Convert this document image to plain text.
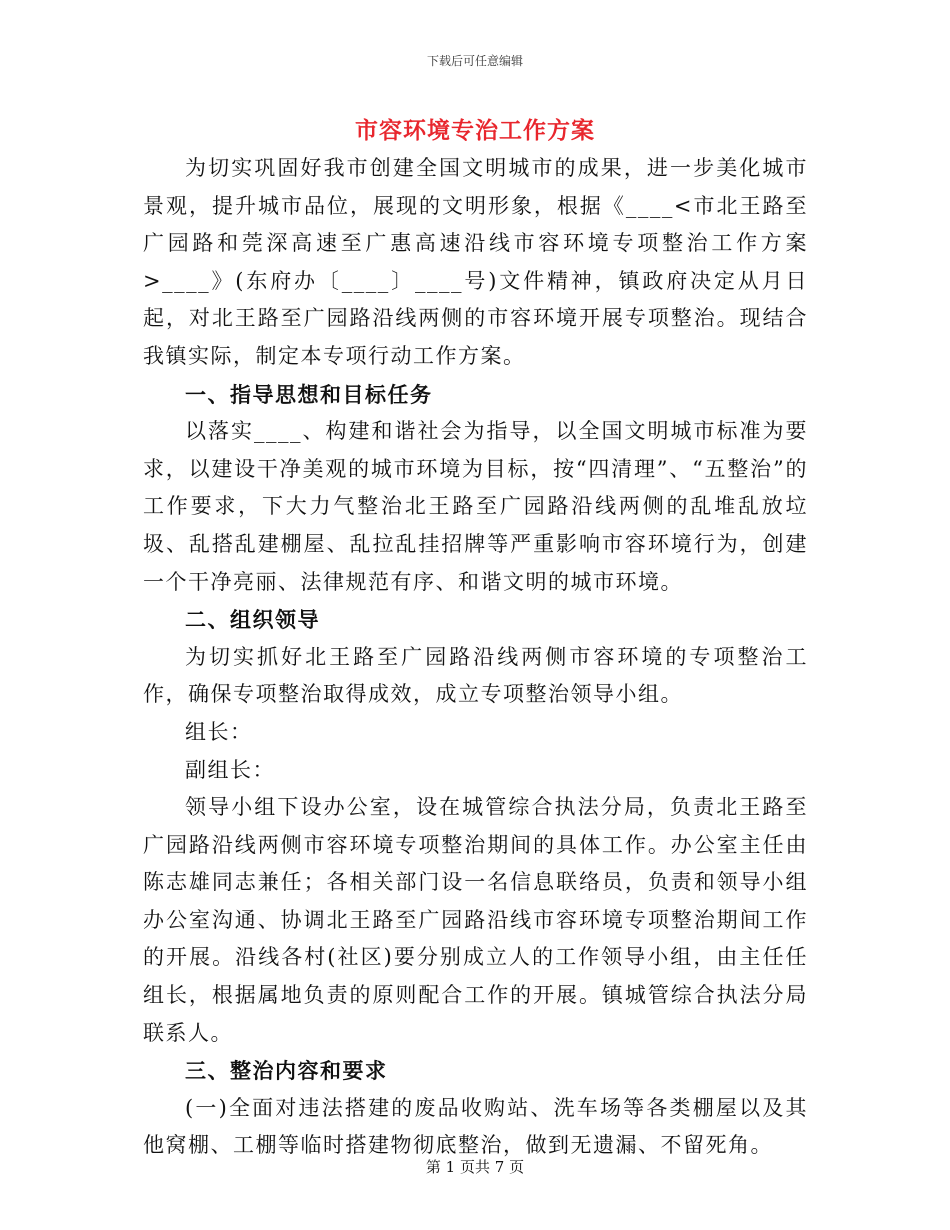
下载后可任意编辑
市容环境专治工作方案

为切实巩固好我市创建全国文明城市的成果，进一步美化城市景观，提升城市品位，展现的文明形象，根据《____<市北王路至广园路和莞深高速至广惠高速沿线市容环境专项整治工作方案>____》(东府办〔____〕____号)文件精神，镇政府决定从月日起，对北王路至广园路沿线两侧的市容环境开展专项整治。现结合我镇实际，制定本专项行动工作方案。

一、指导思想和目标任务

以落实____、构建和谐社会为指导，以全国文明城市标准为要求，以建设干净美观的城市环境为目标，按“四清理”、“五整治”的工作要求，下大力气整治北王路至广园路沿线两侧的乱堆乱放垃圾、乱搭乱建棚屋、乱拉乱挂招牌等严重影响市容环境行为，创建一个干净亮丽、法律规范有序、和谐文明的城市环境。

二、组织领导

为切实抓好北王路至广园路沿线两侧市容环境的专项整治工作，确保专项整治取得成效，成立专项整治领导小组。

组长：

副组长：

领导小组下设办公室，设在城管综合执法分局，负责北王路至广园路沿线两侧市容环境专项整治期间的具体工作。办公室主任由陈志雄同志兼任；各相关部门设一名信息联络员，负责和领导小组办公室沟通、协调北王路至广园路沿线市容环境专项整治期间工作的开展。沿线各村(社区)要分别成立人的工作领导小组，由主任任组长，根据属地负责的原则配合工作的开展。镇城管综合执法分局联系人。

三、整治内容和要求

(一)全面对违法搭建的废品收购站、洗车场等各类棚屋以及其他窝棚、工棚等临时搭建物彻底整治，做到无遗漏、不留死角。

第 1 页共 7 页
